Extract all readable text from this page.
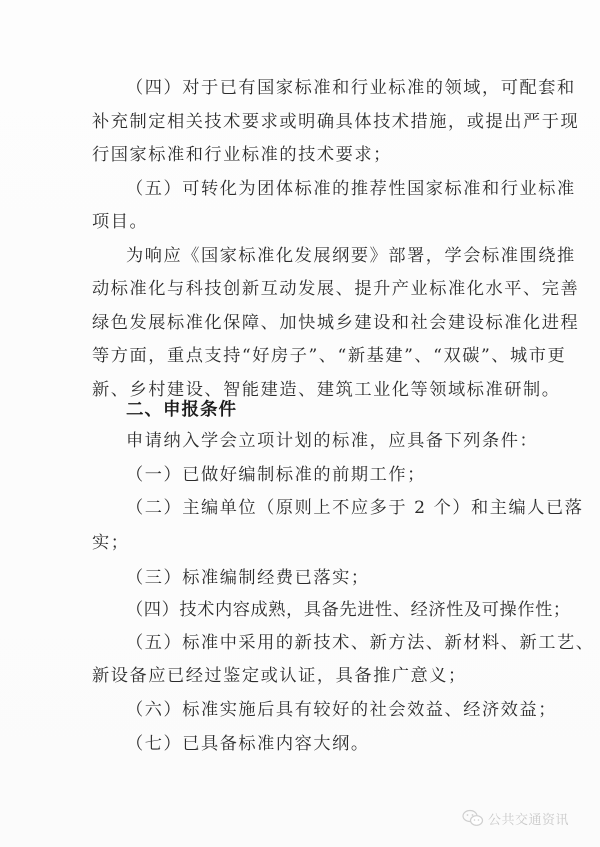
（四）对于已有国家标准和行业标准的领域，可配套和
补充制定相关技术要求或明确具体技术措施，或提出严于现
行国家标准和行业标准的技术要求；
（五）可转化为团体标准的推荐性国家标准和行业标准
项目。
为响应《国家标准化发展纲要》部署，学会标准围绕推
动标准化与科技创新互动发展、提升产业标准化水平、完善
绿色发展标准化保障、加快城乡建设和社会建设标准化进程
等方面，重点支持“好房子”、“新基建”、“双碳”、城市更
新、乡村建设、智能建造、建筑工业化等领域标准研制。
二、申报条件
申请纳入学会立项计划的标准，应具备下列条件：
（一）已做好编制标准的前期工作；
（二）主编单位（原则上不应多于 2 个）和主编人已落
实；
（三）标准编制经费已落实；
（四）技术内容成熟，具备先进性、经济性及可操作性；
（五）标准中采用的新技术、新方法、新材料、新工艺、
新设备应已经过鉴定或认证，具备推广意义；
（六）标准实施后具有较好的社会效益、经济效益；
（七）已具备标准内容大纲。
公共交通资讯
